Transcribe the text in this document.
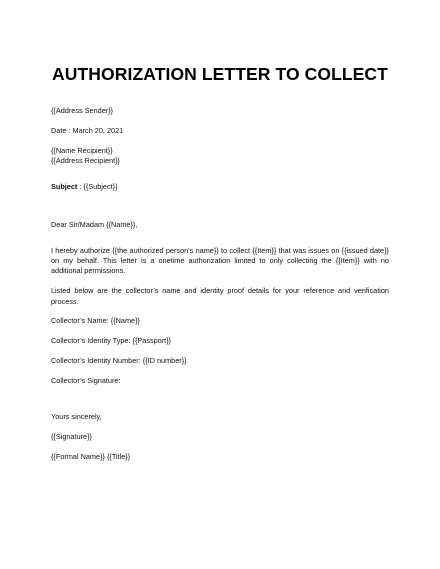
AUTHORIZATION LETTER TO COLLECT

{{Address Sender}}

Date : March 20, 2021

{{Name Recipient}}

{{Address Recipient}}

Subject : {{Subject}}

Dear Sir/Madam {{Name}},

I hereby authorize {{the authorized person’s name}} to collect {{Item}} that was issues on {{issued date}} on my behalf. This letter is a onetime authorization limited to only collecting the {{Item}} with no additional permissions.

Listed below are the collector’s name and identity proof details for your reference and verification process.

Collector’s Name: {{Name}}

Collector’s Identity Type: {{Passport}}

Collector’s Identity Number: {{ID number}}

Collector’s Signature:

Yours sincerely,

{{Signature}}

{{Formal Name}} {{Title}}
